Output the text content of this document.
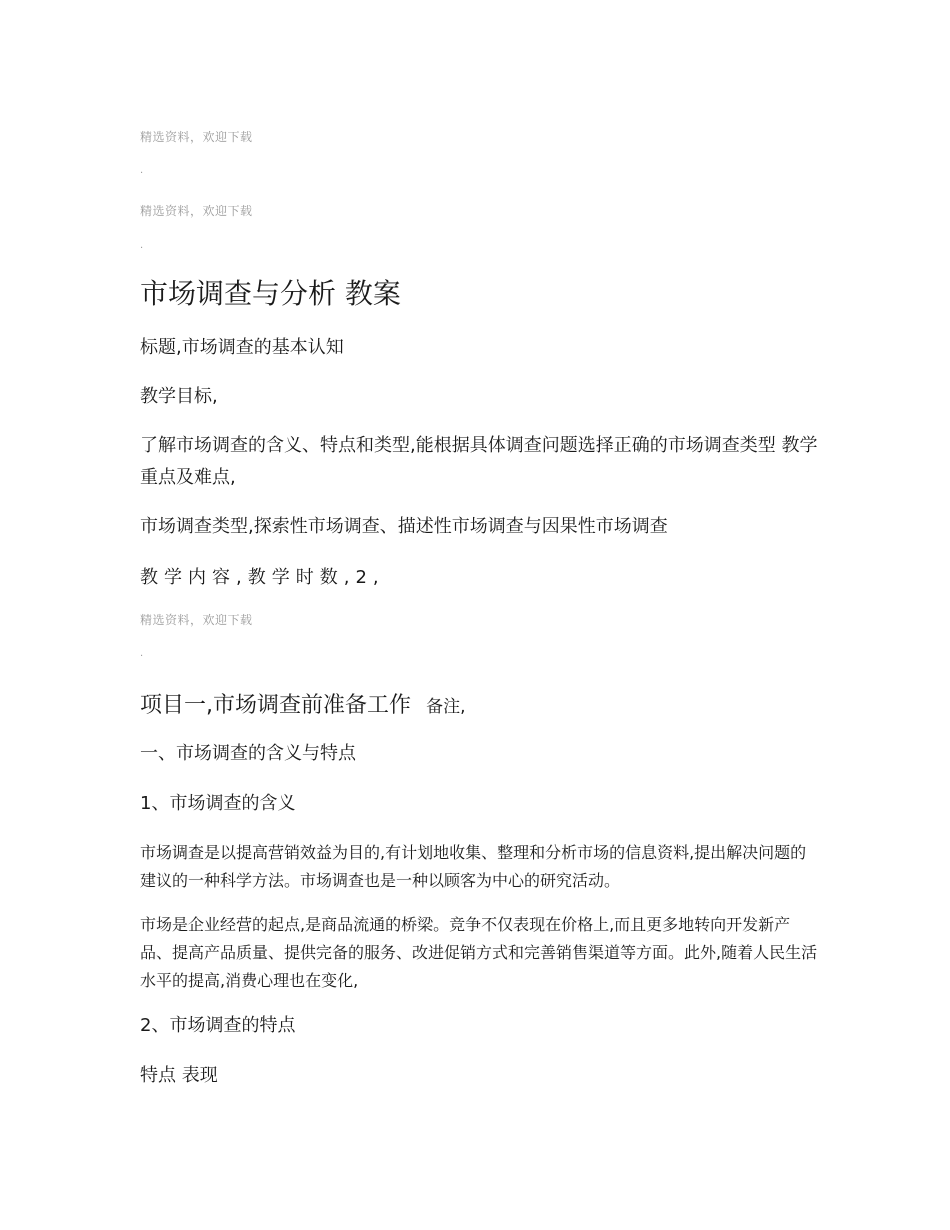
精选资料，欢迎下载
.
精选资料，欢迎下载
.
市场调查与分析 教案
标题,市场调查的基本认知
教学目标,
了解市场调查的含义、特点和类型,能根据具体调查问题选择正确的市场调查类型 教学重点及难点,
市场调查类型,探索性市场调查、描述性市场调查与因果性市场调查
教学内容,教学时数,2,
精选资料，欢迎下载
.
项目一,市场调查前准备工作 备注,
一、市场调查的含义与特点
1、市场调查的含义
市场调查是以提高营销效益为目的,有计划地收集、整理和分析市场的信息资料,提出解决问题的建议的一种科学方法。市场调查也是一种以顾客为中心的研究活动。
市场是企业经营的起点,是商品流通的桥梁。竞争不仅表现在价格上,而且更多地转向开发新产品、提高产品质量、提供完备的服务、改进促销方式和完善销售渠道等方面。此外,随着人民生活水平的提高,消费心理也在变化,
2、市场调查的特点
特点 表现
